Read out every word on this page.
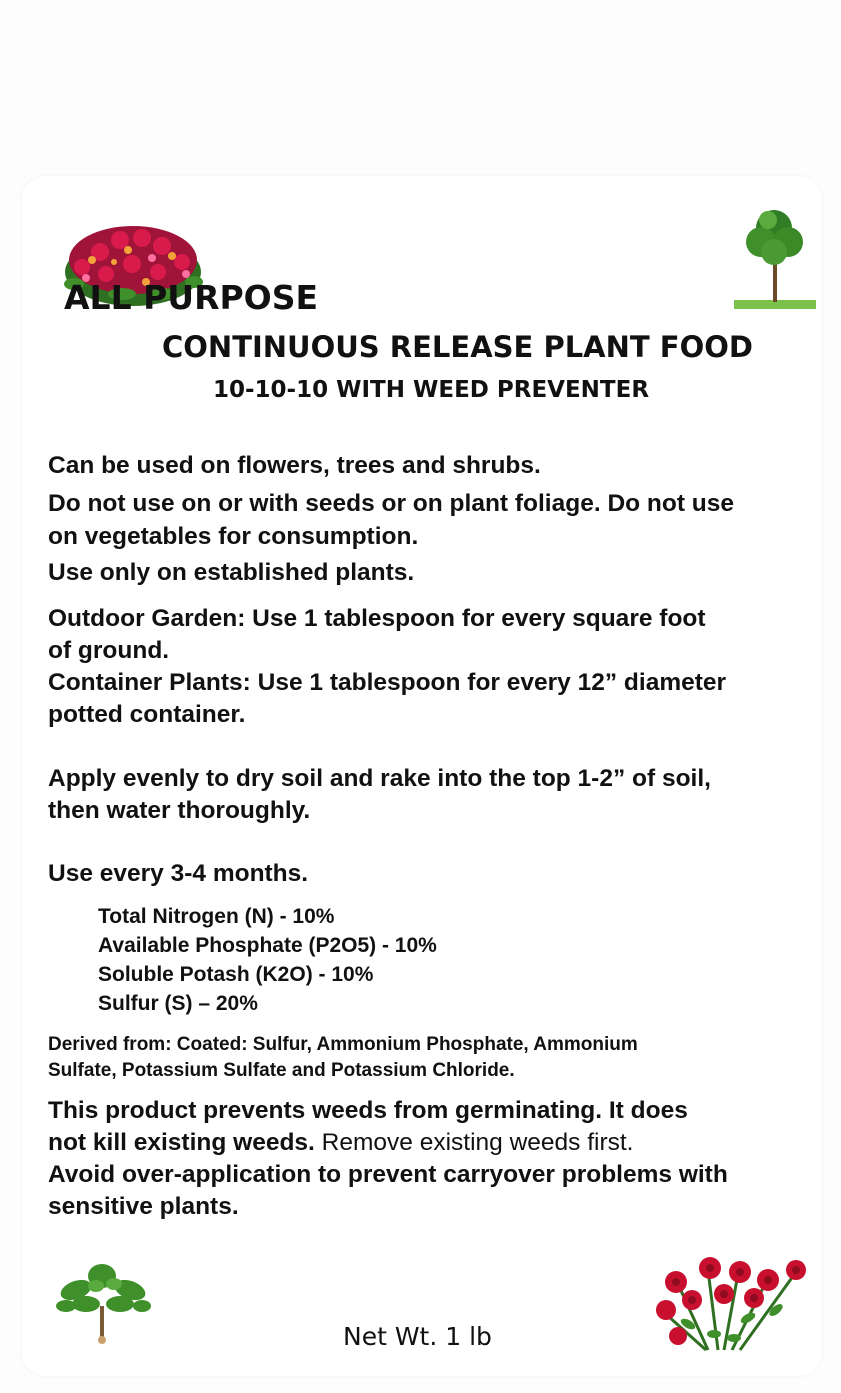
ALL PURPOSE
CONTINUOUS RELEASE PLANT FOOD
10-10-10 WITH WEED PREVENTER

Can be used on flowers, trees and shrubs.

Do not use on or with seeds or on plant foliage. Do not use

on vegetables for consumption.

Use only on established plants.

Outdoor Garden: Use 1 tablespoon for every square foot

of ground.

Container Plants: Use 1 tablespoon for every 12” diameter

potted container.

Apply evenly to dry soil and rake into the top 1-2” of soil,

then water thoroughly.

Use every 3-4 months.

Total Nitrogen (N) - 10%
Available Phosphate (P2O5) - 10%
Soluble Potash (K2O) - 10%
Sulfur (S) – 20%
Derived from: Coated: Sulfur, Ammonium Phosphate, Ammonium
Sulfate, Potassium Sulfate and Potassium Chloride.

This product prevents weeds from germinating. It does

not kill existing weeds. Remove existing weeds first.

Avoid over-application to prevent carryover problems with

sensitive plants.

Net Wt. 1 lb
